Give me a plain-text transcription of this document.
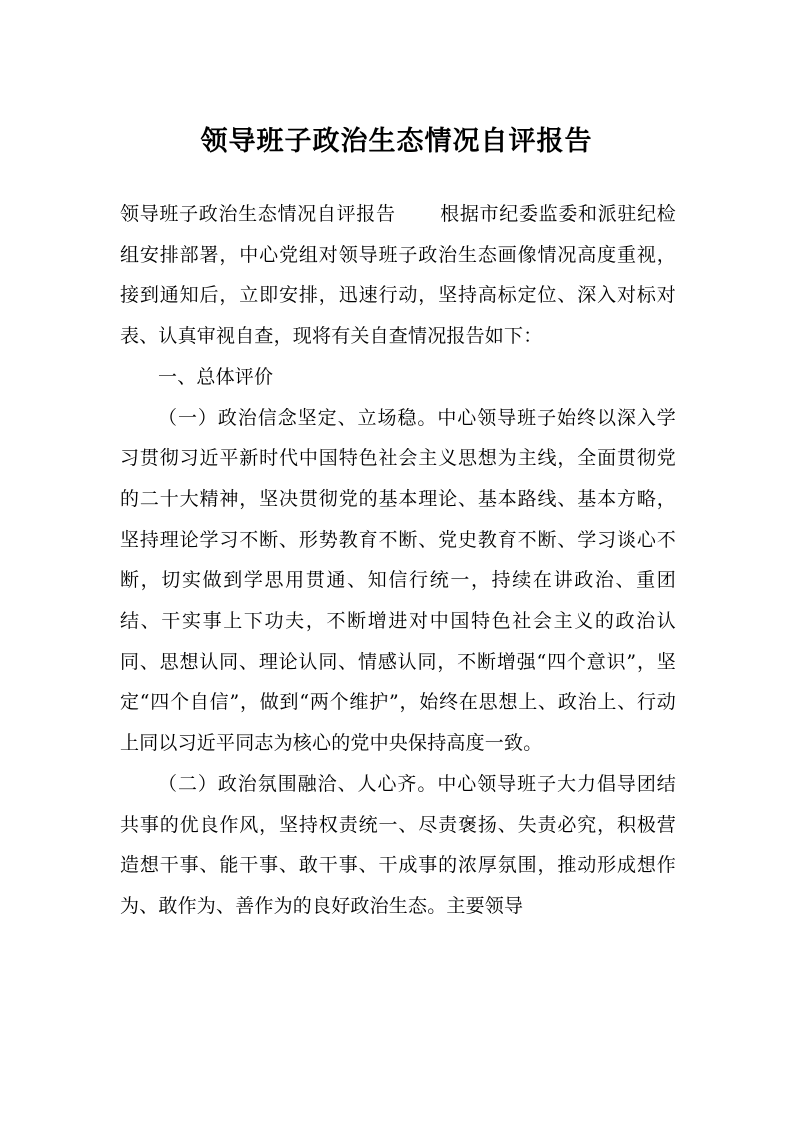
领导班子政治生态情况自评报告

领导班子政治生态情况自评报告 根据市纪委监委和派驻纪检组安排部署，中心党组对领导班子政治生态画像情况高度重视，接到通知后，立即安排，迅速行动，坚持高标定位、深入对标对表、认真审视自查，现将有关自查情况报告如下：

一、总体评价

（一）政治信念坚定、立场稳。中心领导班子始终以深入学习贯彻习近平新时代中国特色社会主义思想为主线，全面贯彻党的二十大精神，坚决贯彻党的基本理论、基本路线、基本方略，坚持理论学习不断、形势教育不断、党史教育不断、学习谈心不断，切实做到学思用贯通、知信行统一，持续在讲政治、重团结、干实事上下功夫，不断增进对中国特色社会主义的政治认同、思想认同、理论认同、情感认同，不断增强“四个意识”，坚定“四个自信”，做到“两个维护”，始终在思想上、政治上、行动上同以习近平同志为核心的党中央保持高度一致。

（二）政治氛围融洽、人心齐。中心领导班子大力倡导团结共事的优良作风，坚持权责统一、尽责褒扬、失责必究，积极营造想干事、能干事、敢干事、干成事的浓厚氛围，推动形成想作为、敢作为、善作为的良好政治生态。主要领导
